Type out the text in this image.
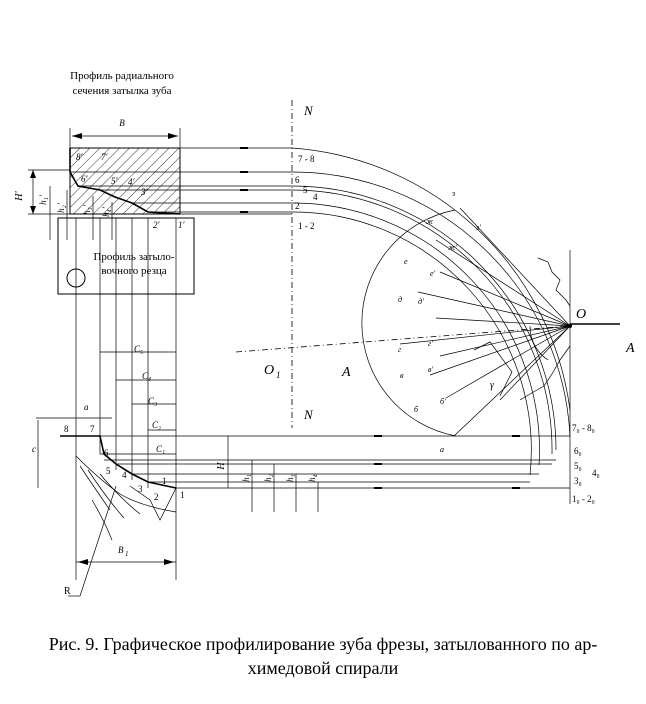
Профиль радиального
сечения затылка зуба
B
8′ 7′
6′	5′ 4′
3′
2′ 1′
H′ h₁′
h₂′ h₃′ h₄′
Профиль затыло-
вочного резца
N
N
7 - 8
6
5
4
2
1 - 2
O
A
O 1	A
γ
з
з′
ж
ж′
е
е′
д д′
г
г′
в
в′
б
б′
a
7₀ - 8₀
6₀
5₀
4₀
3₀
1₀ - 2₀
H
h₁ h₂ h₃ h₄
C₅
C₄
C₃
C₂
C₁
a
c
8 7
6
5 4
3
2
1
1
B 1
R
Рис. 9. Графическое профилирование зуба фрезы, затылованного по ар-
химедовой спирали
